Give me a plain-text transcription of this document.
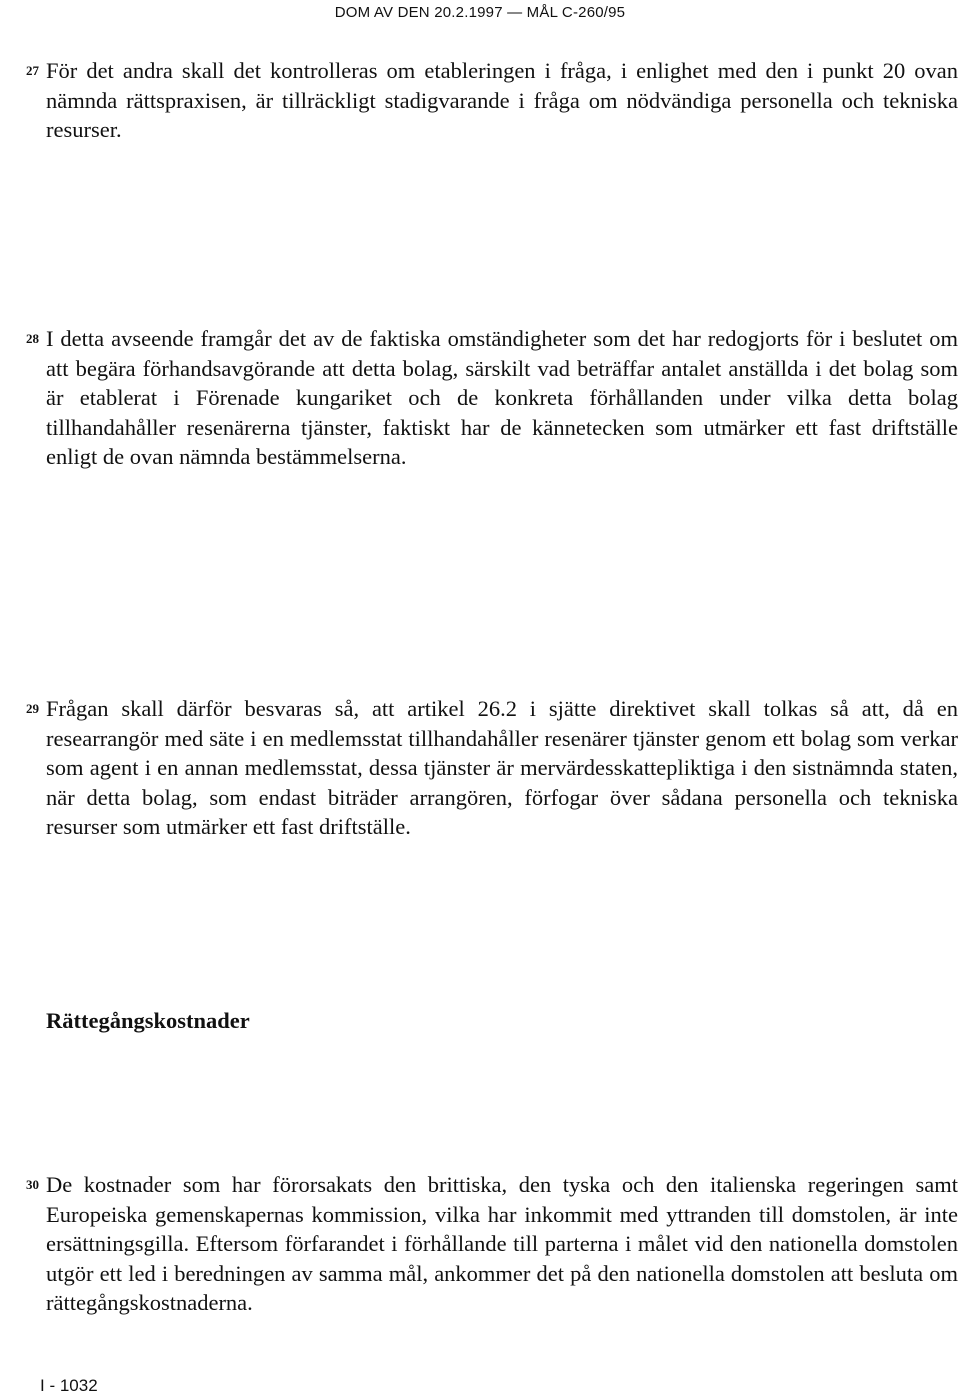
DOM AV DEN 20.2.1997 — MÅL C-260/95
27 För det andra skall det kontrolleras om etableringen i fråga, i enlighet med den i punkt 20 ovan nämnda rättspraxisen, är tillräckligt stadigvarande i fråga om nödvändiga personella och tekniska resurser.

28 I detta avseende framgår det av de faktiska omständigheter som det har redogjorts för i beslutet om att begära förhandsavgörande att detta bolag, särskilt vad beträffar antalet anställda i det bolag som är etablerat i Förenade kungariket och de konkreta förhållanden under vilka detta bolag tillhandahåller resenärerna tjänster, faktiskt har de kännetecken som utmärker ett fast driftställe enligt de ovan nämnda bestämmelserna.

29 Frågan skall därför besvaras så, att artikel 26.2 i sjätte direktivet skall tolkas så att, då en researrangör med säte i en medlemsstat tillhandahåller resenärer tjänster genom ett bolag som verkar som agent i en annan medlemsstat, dessa tjänster är mervärdesskattepliktiga i den sistnämnda staten, när detta bolag, som endast biträder arrangören, förfogar över sådana personella och tekniska resurser som utmärker ett fast driftställe.

Rättegångskostnader
30 De kostnader som har förorsakats den brittiska, den tyska och den italienska regeringen samt Europeiska gemenskapernas kommission, vilka har inkommit med yttranden till domstolen, är inte ersättningsgilla. Eftersom förfarandet i förhållande till parterna i målet vid den nationella domstolen utgör ett led i beredningen av samma mål, ankommer det på den nationella domstolen att besluta om rättegångskostnaderna.

I - 1032
